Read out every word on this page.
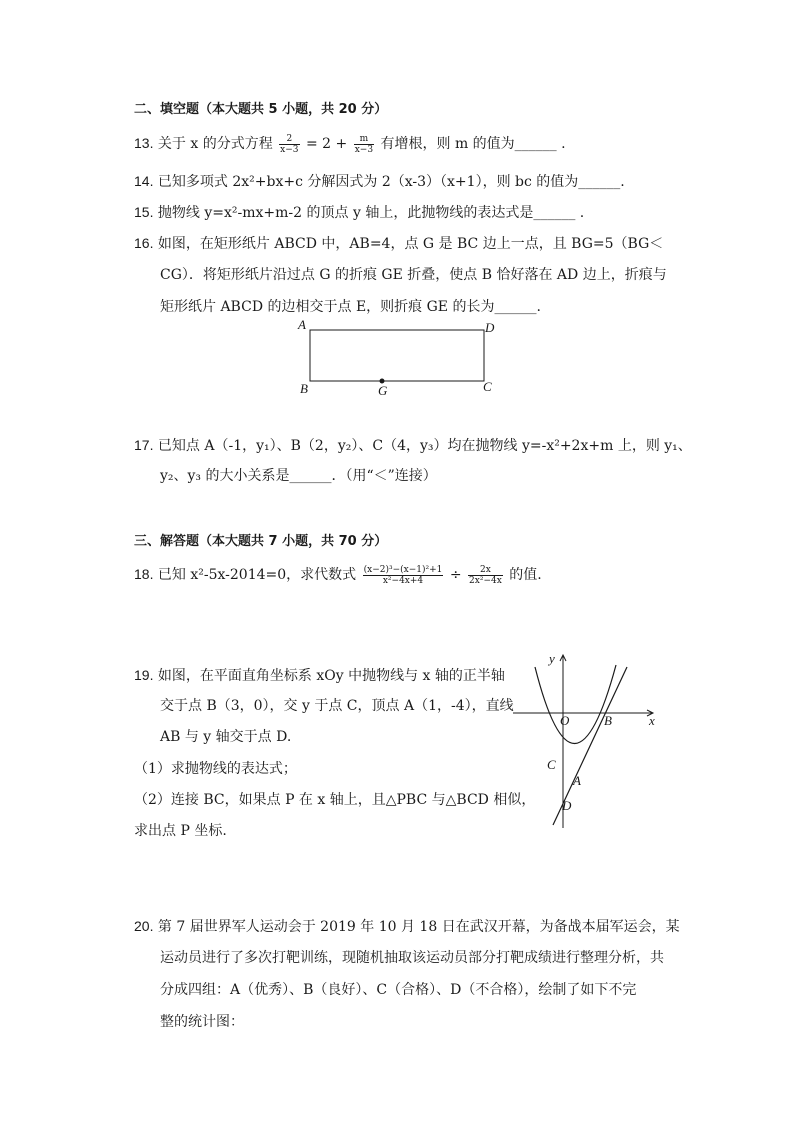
二、填空题（本大题共 5 小题，共 20 分）
13. 关于 x 的分式方程 $\frac{2}{x-3} = 2 + \frac{m}{x-3}$ 有增根，则 m 的值为______ .
14. 已知多项式 2x²+bx+c 分解因式为 2（x-3）（x+1），则 bc 的值为______.
15. 抛物线 y=x²-mx+m-2 的顶点 y 轴上，此抛物线的表达式是______ .
16. 如图，在矩形纸片 ABCD 中，AB=4，点 G 是 BC 边上一点，且 BG=5（BG＜
CG）．将矩形纸片沿过点 G 的折痕 GE 折叠，使点 B 恰好落在 AD 边上，折痕与
矩形纸片 ABCD 的边相交于点 E，则折痕 GE 的长为______.
A	D
B	G	C
17. 已知点 A（-1，y₁）、B（2，y₂）、C（4，y₃）均在抛物线 y=-x²+2x+m 上，则 y₁、
y₂、y₃ 的大小关系是______．（用“＜”连接）
三、解答题（本大题共 7 小题，共 70 分）
18. 已知 x²-5x-2014=0，求代数式 $\frac{\text{(x−2)³−(x−1)²+1}}{\text{x²−4x+4}} \div \frac{2x}{\text{2x²−4x}}$ 的值.
19. 如图，在平面直角坐标系 xOy 中抛物线与 x 轴的正半轴
交于点 B（3，0），交 y 于点 C，顶点 A（1，-4），直线
AB 与 y 轴交于点 D.
（1）求抛物线的表达式；
（2）连接 BC，如果点 P 在 x 轴上，且△PBC 与△BCD 相似，
求出点 P 坐标.
y
x
O	B
C
A
D
20. 第 7 届世界军人运动会于 2019 年 10 月 18 日在武汉开幕，为备战本届军运会，某
运动员进行了多次打靶训练，现随机抽取该运动员部分打靶成绩进行整理分析，共
分成四组：A（优秀）、B（良好）、C（合格）、D（不合格），绘制了如下不完
整的统计图：
